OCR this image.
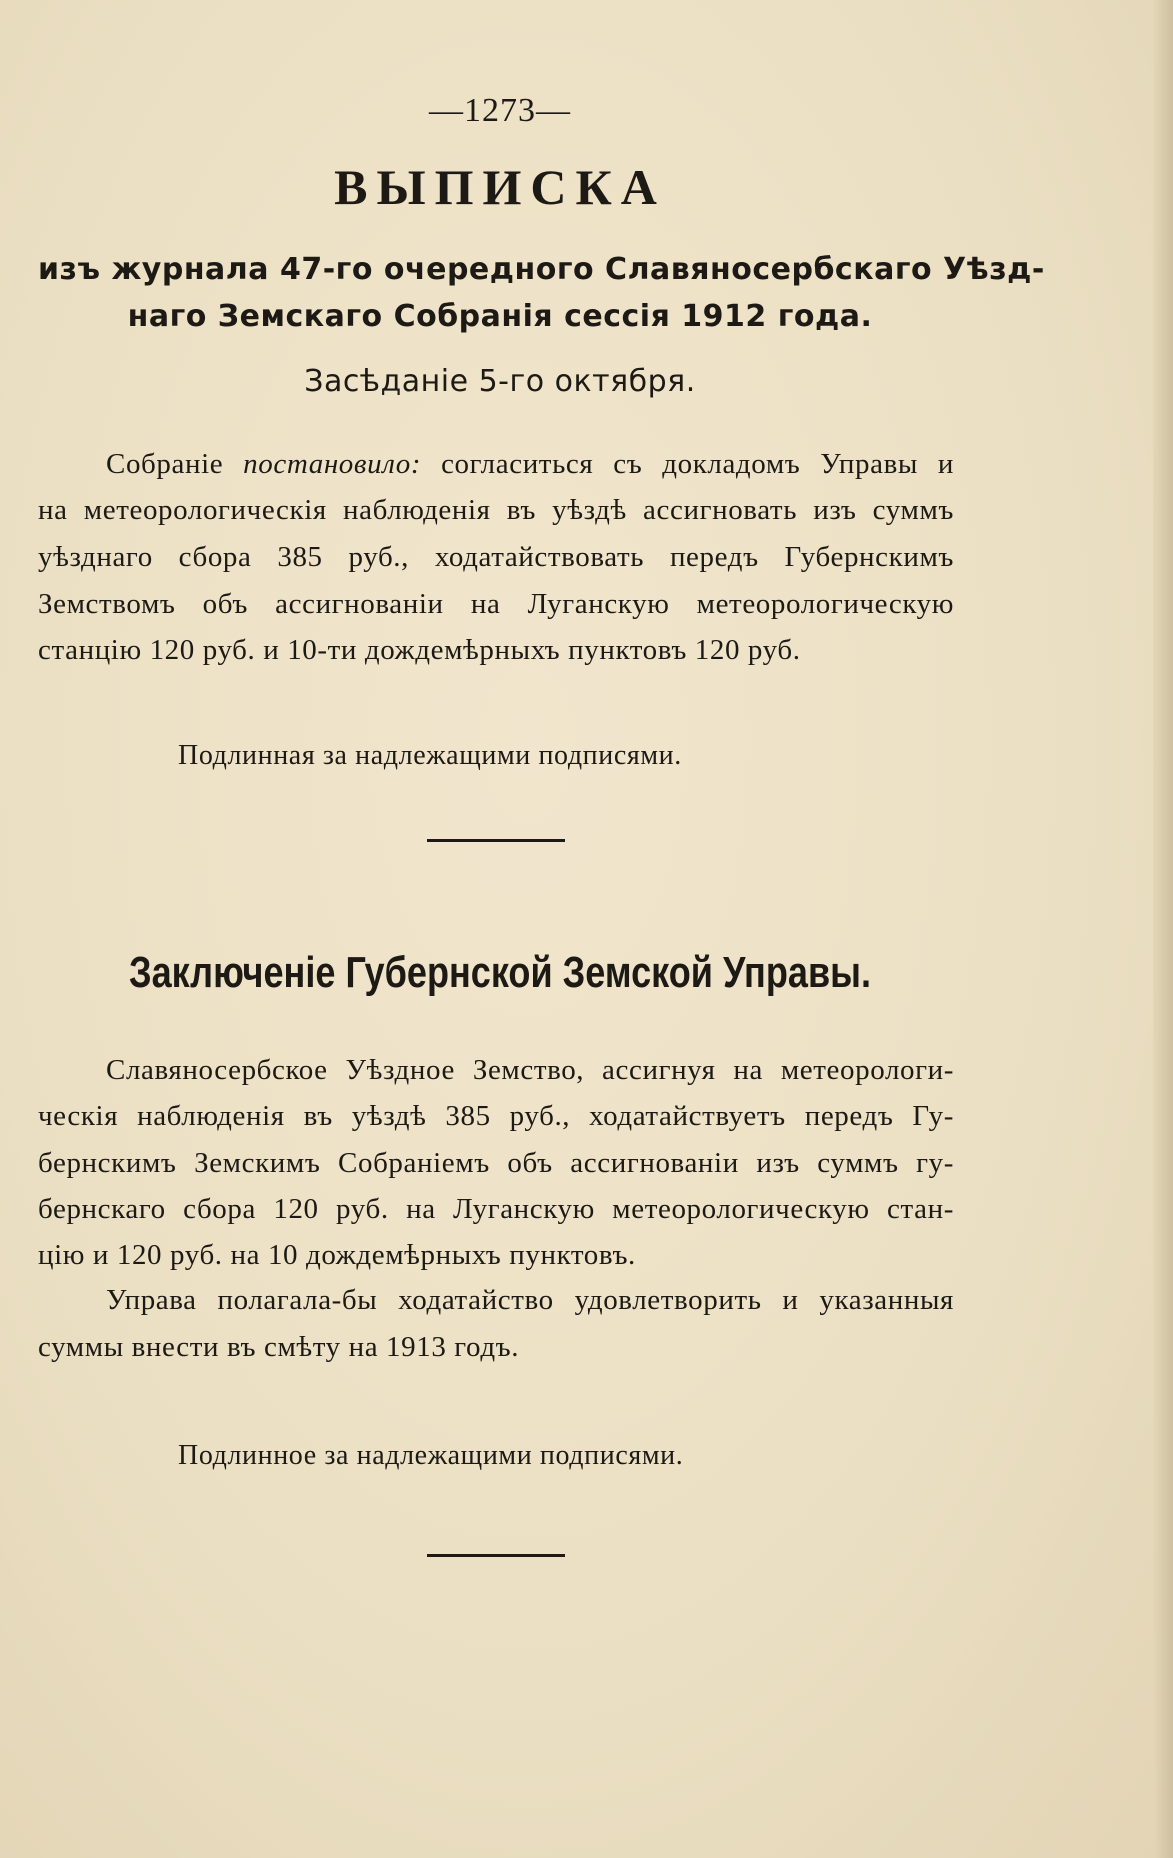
—1273—
ВЫПИСКА
изъ журнала 47-го очередного Славяносербскаго Уѣзд-
наго Земскаго Собранія сессія 1912 года.
Засѣданіе 5-го октября.
Собраніе постановило: согласиться съ докладомъ Управы и
на метеорологическія наблюденія въ уѣздѣ ассигновать изъ суммъ
уѣзднаго сбора 385 руб., ходатайствовать передъ Губернскимъ
Земствомъ объ ассигнованіи на Луганскую метеорологическую
станцію 120 руб. и 10-ти дождемѣрныхъ пунктовъ 120 руб.
Подлинная за надлежащими подписями.
Заключеніе Губернской Земской Управы.
Славяносербское Уѣздное Земство, ассигнуя на метеорологи-
ческія наблюденія въ уѣздѣ 385 руб., ходатайствуетъ передъ Гу-
бернскимъ Земскимъ Собраніемъ объ ассигнованіи изъ суммъ гу-
бернскаго сбора 120 руб. на Луганскую метеорологическую стан-
цію и 120 руб. на 10 дождемѣрныхъ пунктовъ.
Управа полагала-бы ходатайство удовлетворить и указанныя
суммы внести въ смѣту на 1913 годъ.
Подлинное за надлежащими подписями.
